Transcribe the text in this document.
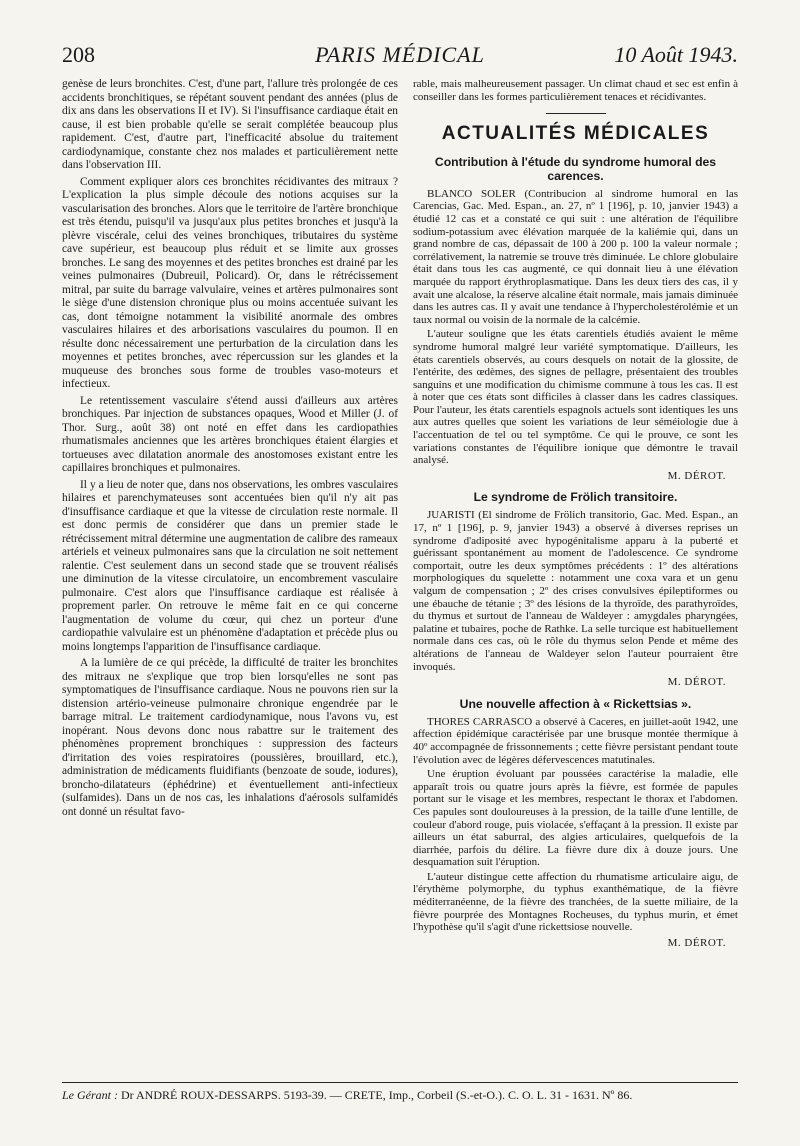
208	PARIS MÉDICAL	10 Août 1943.

genèse de leurs bronchites. C'est, d'une part, l'allure très prolongée de ces accidents bronchitiques, se répétant souvent pendant des années (plus de dix ans dans les observations II et IV). Si l'insuffisance cardiaque était en cause, il est bien probable qu'elle se serait complétée beaucoup plus rapidement. C'est, d'autre part, l'inefficacité absolue du traitement cardiodynamique, constante chez nos malades et particulièrement nette dans l'observation III.

Comment expliquer alors ces bronchites récidivantes des mitraux ? L'explication la plus simple découle des notions acquises sur la vascularisation des bronches. Alors que le territoire de l'artère bronchique est très étendu, puisqu'il va jusqu'aux plus petites bronches et jusqu'à la plèvre viscérale, celui des veines bronchiques, tributaires du système cave supérieur, est beaucoup plus réduit et se limite aux grosses bronches. Le sang des moyennes et des petites bronches est drainé par les veines pulmonaires (Dubreuil, Policard). Or, dans le rétrécissement mitral, par suite du barrage valvulaire, veines et artères pulmonaires sont le siège d'une distension chronique plus ou moins accentuée suivant les cas, dont témoigne notamment la visibilité anormale des ombres vasculaires hilaires et des arborisations vasculaires du poumon. Il en résulte donc nécessairement une perturbation de la circulation dans les moyennes et petites bronches, avec répercussion sur les glandes et la muqueuse des bronches sous forme de troubles vaso-moteurs et infectieux.

Le retentissement vasculaire s'étend aussi d'ailleurs aux artères bronchiques. Par injection de substances opaques, Wood et Miller (J. of Thor. Surg., août 38) ont noté en effet dans les cardiopathies rhumatismales anciennes que les artères bronchiques étaient élargies et tortueuses avec dilatation anormale des anostomoses existant entre les capillaires bronchiques et pulmonaires.

Il y a lieu de noter que, dans nos observations, les ombres vasculaires hilaires et parenchymateuses sont accentuées bien qu'il n'y ait pas d'insuffisance cardiaque et que la vitesse de circulation reste normale. Il est donc permis de considérer que dans un premier stade le rétrécissement mitral détermine une augmentation de calibre des rameaux artériels et veineux pulmonaires sans que la circulation ne soit nettement ralentie. C'est seulement dans un second stade que se trouvent réalisés une diminution de la vitesse circulatoire, un encombrement vasculaire pulmonaire. C'est alors que l'insuffisance cardiaque est réalisée à proprement parler. On retrouve le même fait en ce qui concerne l'augmentation de volume du cœur, qui chez un porteur d'une cardiopathie valvulaire est un phénomène d'adaptation et précède plus ou moins longtemps l'apparition de l'insuffisance cardiaque.

A la lumière de ce qui précède, la difficulté de traiter les bronchites des mitraux ne s'explique que trop bien lorsqu'elles ne sont pas symptomatiques de l'insuffisance cardiaque. Nous ne pouvons rien sur la distension artério-veineuse pulmonaire chronique engendrée par le barrage mitral. Le traitement cardiodynamique, nous l'avons vu, est inopérant. Nous devons donc nous rabattre sur le traitement des phénomènes proprement bronchiques : suppression des facteurs d'irritation des voies respiratoires (poussières, brouillard, etc.), administration de médicaments fluidifiants (benzoate de soude, iodures), broncho-dilatateurs (éphédrine) et éventuellement anti-infectieux (sulfamides). Dans un de nos cas, les inhalations d'aérosols sulfamidés ont donné un résultat favo-

rable, mais malheureusement passager. Un climat chaud et sec est enfin à conseiller dans les formes particulièrement tenaces et récidivantes.

ACTUALITÉS MÉDICALES
Contribution à l'étude du syndrome humoral des carences.

BLANCO SOLER (Contribucion al sindrome humoral en las Carencias, Gac. Med. Espan., an. 27, nº 1 [196], p. 10, janvier 1943) a étudié 12 cas et a constaté ce qui suit : une altération de l'équilibre sodium-potassium avec élévation marquée de la kaliémie qui, dans un grand nombre de cas, dépassait de 100 à 200 p. 100 la valeur normale ; corrélativement, la natremie se trouve très diminuée. Le chlore globulaire était dans tous les cas augmenté, ce qui donnait lieu à une élévation marquée du rapport érythroplasmatique. Dans les deux tiers des cas, il y avait une alcalose, la réserve alcaline était normale, mais jamais diminuée dans les autres cas. Il y avait une tendance à l'hypercholestérolémie et un taux normal ou voisin de la normale de la calcémie.

L'auteur souligne que les états carentiels étudiés avaient le même syndrome humoral malgré leur variété symptomatique. D'ailleurs, les états carentiels observés, au cours desquels on notait de la glossite, de l'entérite, des œdèmes, des signes de pellagre, présentaient des troubles sanguins et une modification du chimisme commune à tous les cas. Il est à noter que ces états sont difficiles à classer dans les cadres classiques. Pour l'auteur, les états carentiels espagnols actuels sont identiques les uns aux autres quelles que soient les variations de leur séméiologie due à l'accentuation de tel ou tel symptôme. Ce qui le prouve, ce sont les variations constantes de l'équilibre ionique que démontre le travail analysé.

M. DÉROT.
Le syndrome de Frölich transitoire.

JUARISTI (El sindrome de Frölich transitorio, Gac. Med. Espan., an 17, nº 1 [196], p. 9, janvier 1943) a observé à diverses reprises un syndrome d'adiposité avec hypogénitalisme apparu à la puberté et guérissant spontanément au moment de l'adolescence. Ce syndrome comportait, outre les deux symptômes précédents : 1º des altérations morphologiques du squelette : notamment une coxa vara et un genu valgum de compensation ; 2º des crises convulsives épileptiformes ou une ébauche de tétanie ; 3º des lésions de la thyroïde, des parathyroïdes, du thymus et surtout de l'anneau de Waldeyer : amygdales pharyngées, palatine et tubaires, poche de Rathke. La selle turcique est habituellement normale dans ces cas, où le rôle du thymus selon Pende et même des altérations de l'anneau de Waldeyer selon l'auteur pourraient être invoqués.

M. DÉROT.
Une nouvelle affection à « Rickettsias ».

THORES CARRASCO a observé à Caceres, en juillet-août 1942, une affection épidémique caractérisée par une brusque montée thermique à 40º accompagnée de frissonnements ; cette fièvre persistant pendant toute l'évolution avec de légères défervescences matutinales.

Une éruption évoluant par poussées caractérise la maladie, elle apparaît trois ou quatre jours après la fièvre, est formée de papules portant sur le visage et les membres, respectant le thorax et l'abdomen. Ces papules sont douloureuses à la pression, de la taille d'une lentille, de couleur d'abord rouge, puis violacée, s'effaçant à la pression. Il existe par ailleurs un état saburral, des algies articulaires, quelquefois de la diarrhée, parfois du délire. La fièvre dure dix à douze jours. Une desquamation suit l'éruption.

L'auteur distingue cette affection du rhumatisme articulaire aigu, de l'érythème polymorphe, du typhus exanthématique, de la fièvre méditerranéenne, de la fièvre des tranchées, de la suette miliaire, de la fièvre pourprée des Montagnes Rocheuses, du typhus murin, et émet l'hypothèse qu'il s'agit d'une rickettsiose nouvelle.

M. DÉROT.
Le Gérant : Dr ANDRÉ ROUX-DESSARPS. 5193-39. — CRETE, Imp., Corbeil (S.-et-O.). C. O. L. 31 - 1631. Nº 86.
